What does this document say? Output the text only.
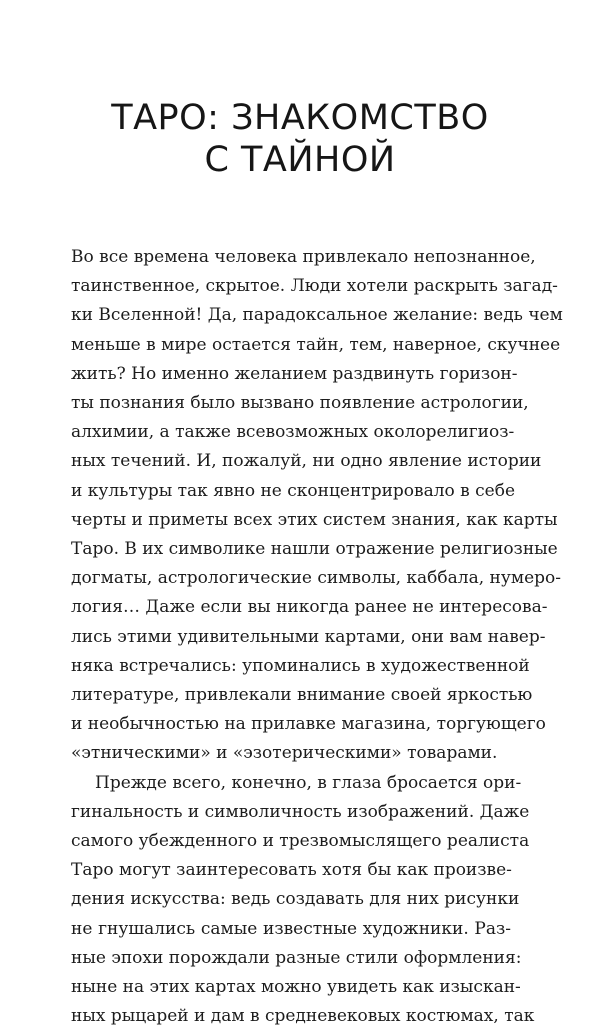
ТАРО: ЗНАКОМСТВО
С ТАЙНОЙ
Во все времена человека привлекало непознанное,
таинственное, скрытое. Люди хотели раскрыть загад-
ки Вселенной! Да, парадоксальное желание: ведь чем
меньше в мире остается тайн, тем, наверное, скучнее
жить? Но именно желанием раздвинуть горизон-
ты познания было вызвано появление астрологии,
алхимии, а также всевозможных околорелигиоз-
ных течений. И, пожалуй, ни одно явление истории
и культуры так явно не сконцентрировало в себе
черты и приметы всех этих систем знания, как карты
Таро. В их символике нашли отражение религиозные
догматы, астрологические символы, каббала, нумеро-
логия… Даже если вы никогда ранее не интересова-
лись этими удивительными картами, они вам навер-
няка встречались: упоминались в художественной
литературе, привлекали внимание своей яркостью
и необычностью на прилавке магазина, торгующего
«этническими» и «эзотерическими» товарами.
Прежде всего, конечно, в глаза бросается ори-
гинальность и символичность изображений. Даже
самого убежденного и трезвомыслящего реалиста
Таро могут заинтересовать хотя бы как произве-
дения искусства: ведь создавать для них рисунки
не гнушались самые известные художники. Раз-
ные эпохи порождали разные стили оформления:
ныне на этих картах можно увидеть как изыскан-
ных рыцарей и дам в средневековых костюмах, так
